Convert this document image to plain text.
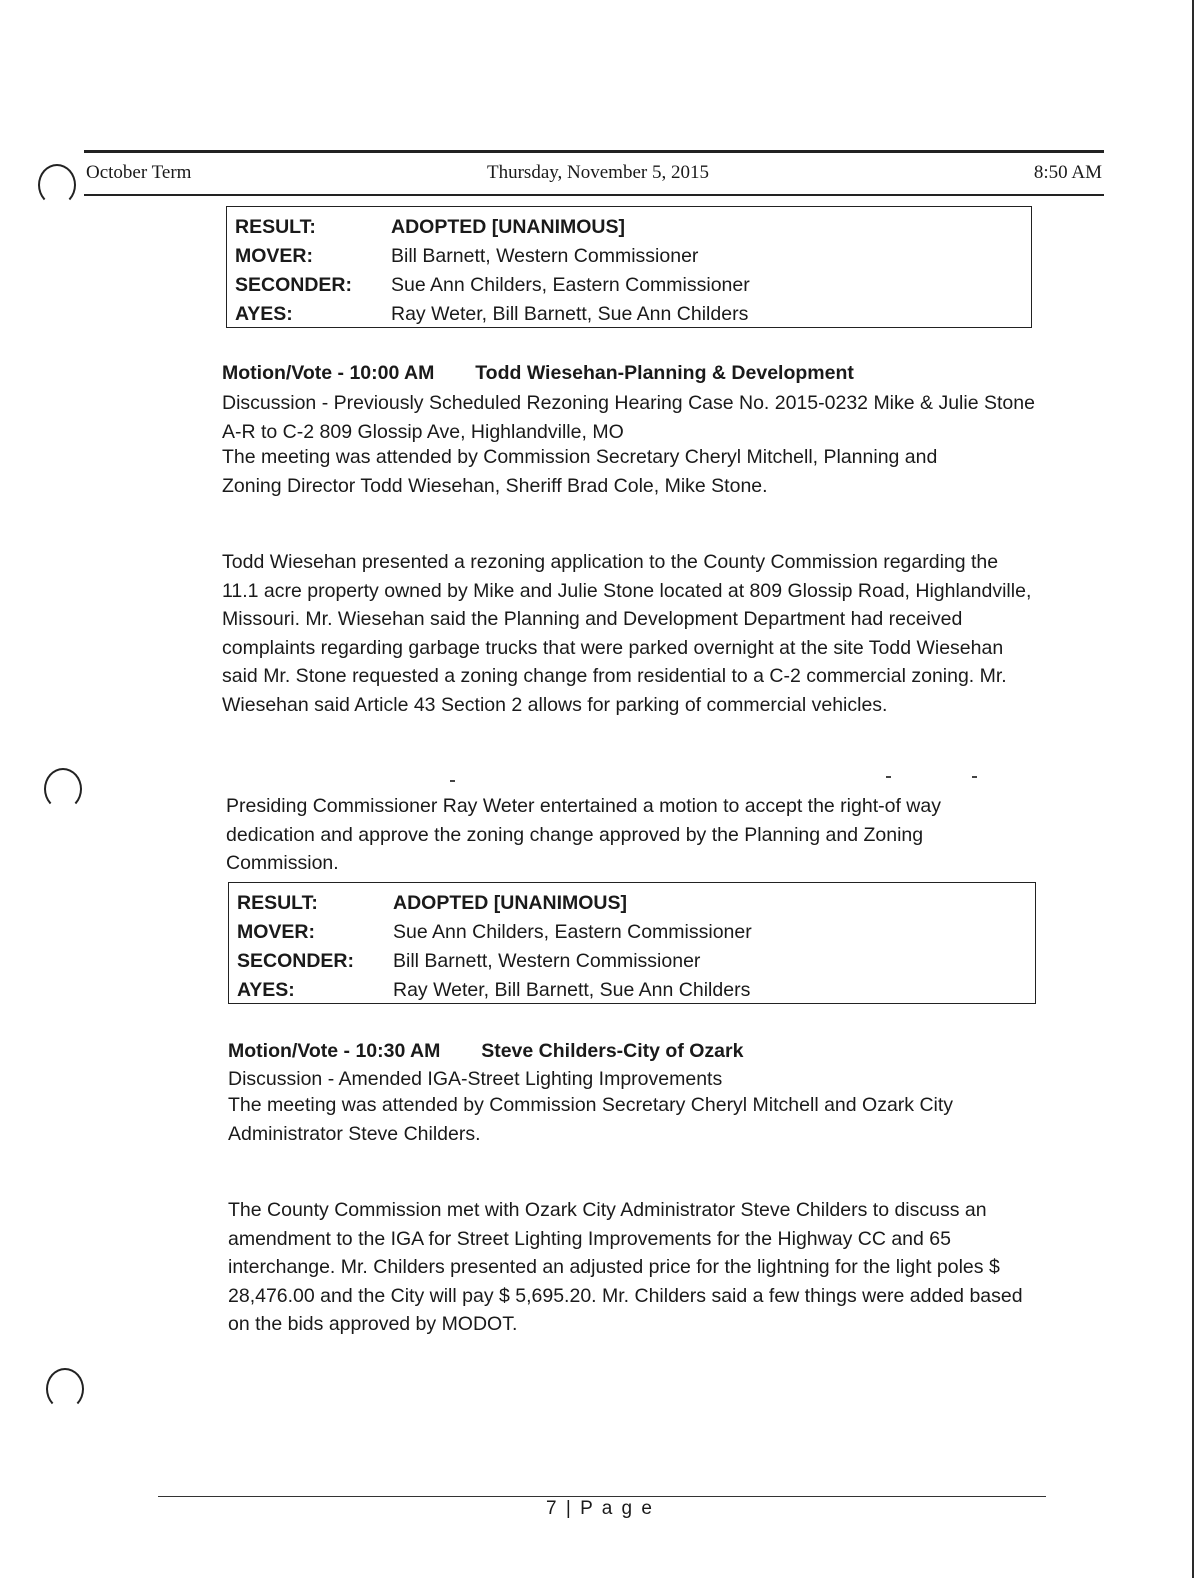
October Term	Thursday, November 5, 2015	8:50 AM
RESULT:	ADOPTED [UNANIMOUS]
MOVER:	Bill Barnett, Western Commissioner
SECONDER:	Sue Ann Childers, Eastern Commissioner
AYES:	Ray Weter, Bill Barnett, Sue Ann Childers
Motion/Vote - 10:00 AM Todd Wiesehan-Planning & Development
Discussion - Previously Scheduled Rezoning Hearing Case No. 2015-0232 Mike & Julie Stone A-R to C-2 809 Glossip Ave, Highlandville, MO
The meeting was attended by Commission Secretary Cheryl Mitchell, Planning and Zoning Director Todd Wiesehan, Sheriff Brad Cole, Mike Stone.
Todd Wiesehan presented a rezoning application to the County Commission regarding the 11.1 acre property owned by Mike and Julie Stone located at 809 Glossip Road, Highlandville, Missouri. Mr. Wiesehan said the Planning and Development Department had received complaints regarding garbage trucks that were parked overnight at the site Todd Wiesehan said Mr. Stone requested a zoning change from residential to a C-2 commercial zoning. Mr. Wiesehan said Article 43 Section 2 allows for parking of commercial vehicles.
Presiding Commissioner Ray Weter entertained a motion to accept the right-of way dedication and approve the zoning change approved by the Planning and Zoning Commission.
RESULT:	ADOPTED [UNANIMOUS]
MOVER:	Sue Ann Childers, Eastern Commissioner
SECONDER:	Bill Barnett, Western Commissioner
AYES:	Ray Weter, Bill Barnett, Sue Ann Childers
Motion/Vote - 10:30 AM Steve Childers-City of Ozark
Discussion - Amended IGA-Street Lighting Improvements
The meeting was attended by Commission Secretary Cheryl Mitchell and Ozark City Administrator Steve Childers.
The County Commission met with Ozark City Administrator Steve Childers to discuss an amendment to the IGA for Street Lighting Improvements for the Highway CC and 65 interchange. Mr. Childers presented an adjusted price for the lightning for the light poles $ 28,476.00 and the City will pay $ 5,695.20. Mr. Childers said a few things were added based on the bids approved by MODOT.
7 | P a g e
